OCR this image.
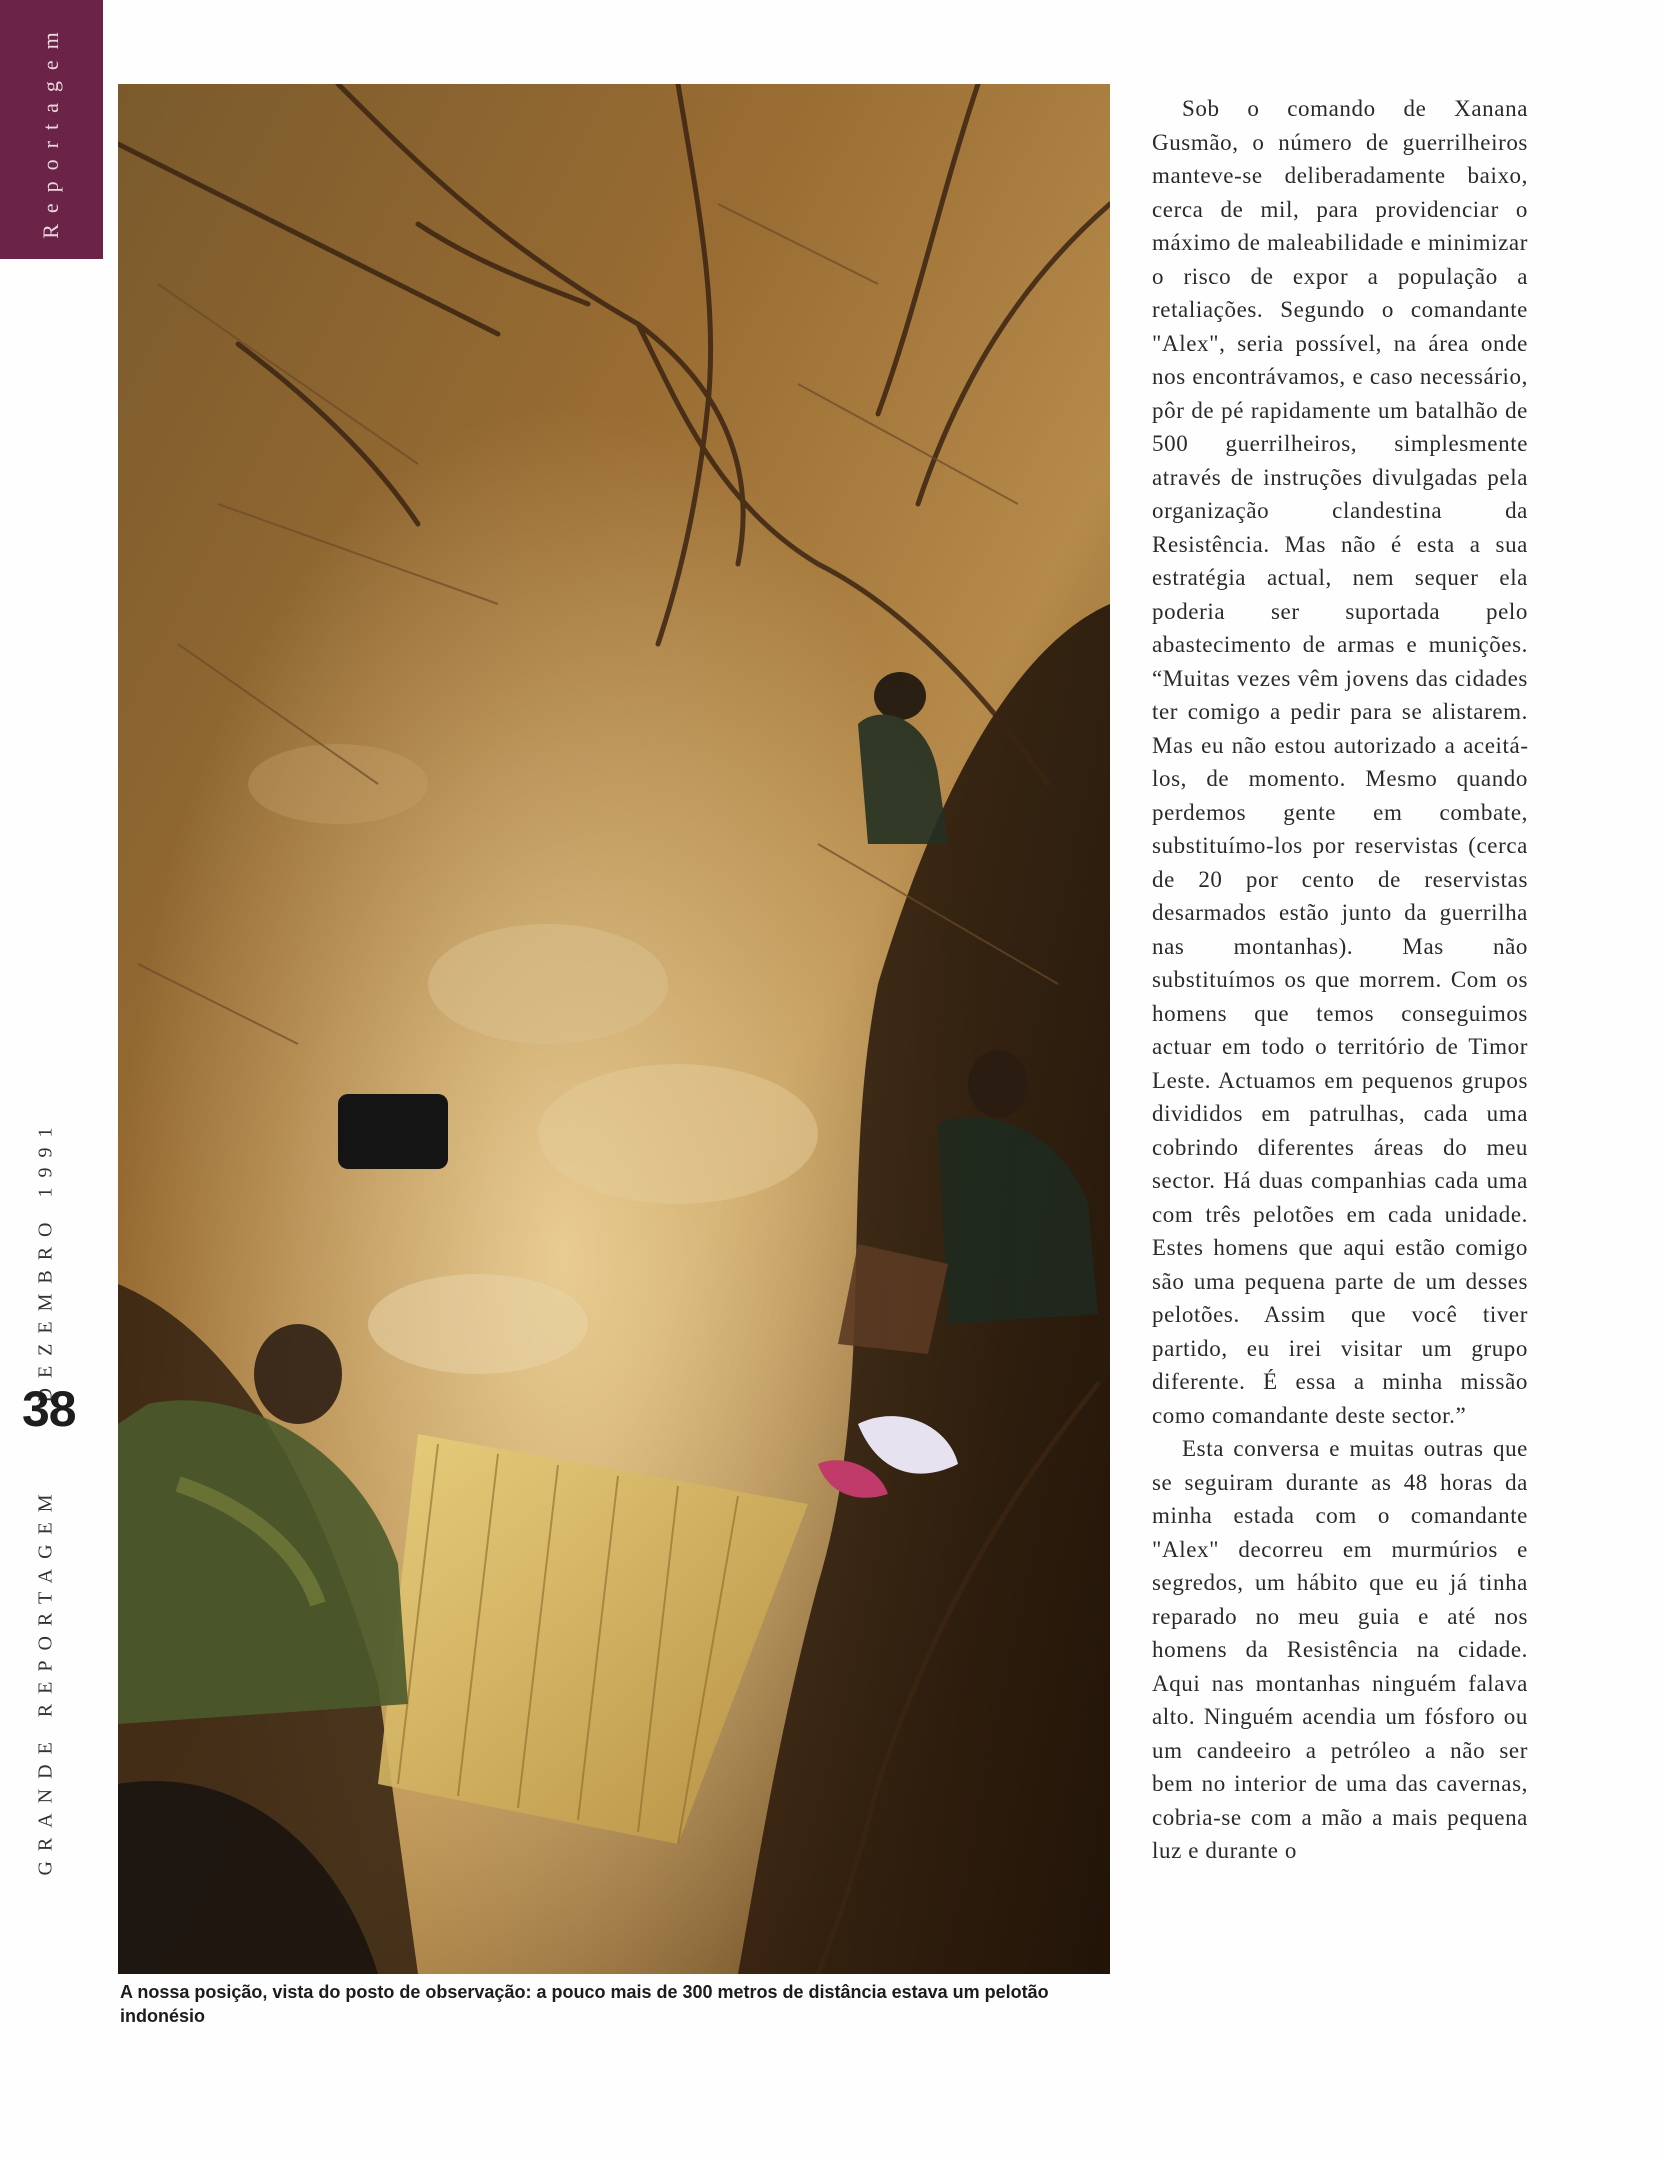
Reportagem
DEZEMBRO 1991
38
GRANDE REPORTAGEM
A nossa posição, vista do posto de observação: a pouco mais de 300 metros de distância estava um pelotão indonésio

Sob o comando de Xanana Gusmão, o número de guerrilheiros manteve-se deliberadamente baixo, cerca de mil, para providenciar o máximo de maleabilidade e minimizar o risco de expor a população a retaliações. Segundo o comandante "Alex", seria possível, na área onde nos encontrávamos, e caso necessário, pôr de pé rapidamente um batalhão de 500 guerrilheiros, simplesmente através de instruções divulgadas pela organização clandestina da Resistência. Mas não é esta a sua estratégia actual, nem sequer ela poderia ser suportada pelo abastecimento de armas e munições. “Muitas vezes vêm jovens das cidades ter comigo a pedir para se alistarem. Mas eu não estou autorizado a aceitálos, de momento. Mesmo quando perdemos gente em combate, substituímo-los por reservistas (cerca de 20 por cento de reservistas desarmados estão junto da guerrilha nas montanhas). Mas não substituímos os que morrem. Com os homens que temos conseguimos actuar em todo o território de Timor Leste. Actuamos em pequenos grupos divididos em patrulhas, cada uma cobrindo diferentes áreas do meu sector. Há duas companhias cada uma com três pelotões em cada unidade. Estes homens que aqui estão comigo são uma pequena parte de um desses pelotões. Assim que você tiver partido, eu irei visitar um grupo diferente. É essa a minha missão como comandante deste sector.”

Esta conversa e muitas outras que se seguiram durante as 48 horas da minha estada com o comandante "Alex" decorreu em murmúrios e segredos, um hábito que eu já tinha reparado no meu guia e até nos homens da Resistência na cidade. Aqui nas montanhas ninguém falava alto. Ninguém acendia um fósforo ou um candeeiro a petróleo a não ser bem no interior de uma das cavernas, cobria-se com a mão a mais pequena luz e durante o
